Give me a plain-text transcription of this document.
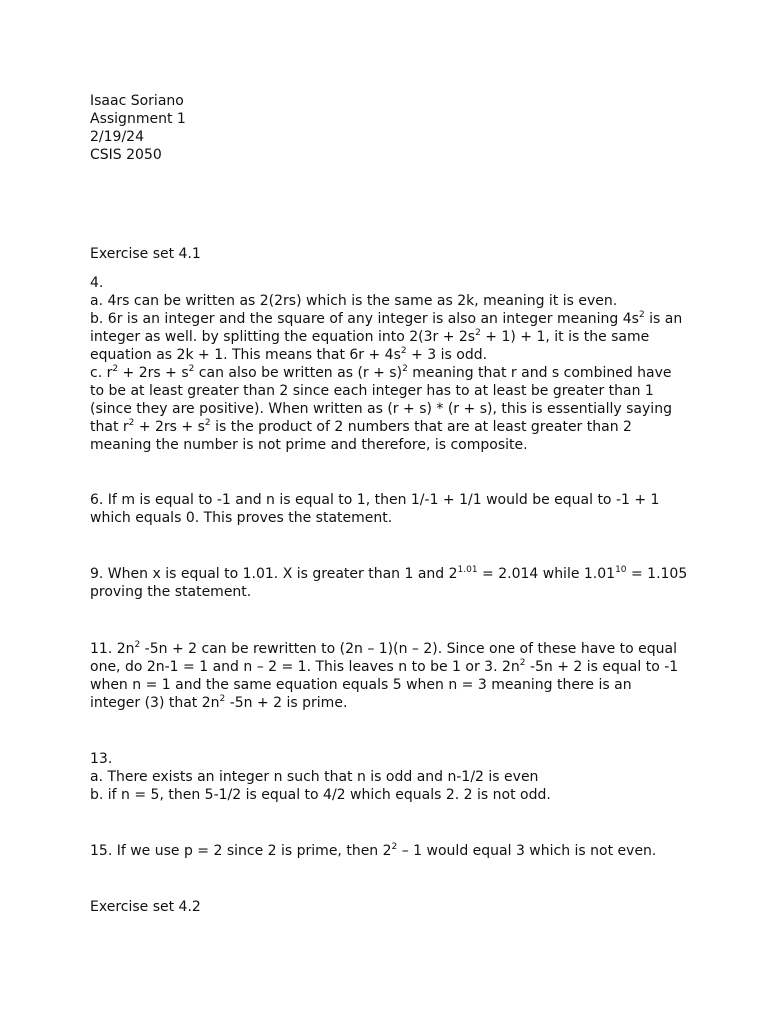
Isaac Soriano
Assignment 1
2/19/24
CSIS 2050
Exercise set 4.1
4.
a. 4rs can be written as 2(2rs) which is the same as 2k, meaning it is even.
b. 6r is an integer and the square of any integer is also an integer meaning $4s^2$ is an
integer as well. by splitting the equation into $2(3r + 2s^2 + 1) + 1$, it is the same
equation as 2k + 1. This means that $6r + 4s^2 + 3$ is odd.
c. $r^2 + 2rs + s^2$ can also be written as $(r + s)^2$ meaning that r and s combined have
to be at least greater than 2 since each integer has to at least be greater than 1
(since they are positive). When written as (r + s) * (r + s), this is essentially saying
that $r^2 + 2rs + s^2$ is the product of 2 numbers that are at least greater than 2
meaning the number is not prime and therefore, is composite.
6. If m is equal to -1 and n is equal to 1, then 1/-1 + 1/1 would be equal to -1 + 1
which equals 0. This proves the statement.
9. When x is equal to 1.01. X is greater than 1 and $2^{1.01} = 2.014$ while $1.01^{10} = 1.105$
proving the statement.
11. $2n^2$ -5n + 2 can be rewritten to (2n – 1)(n – 2). Since one of these have to equal
one, do 2n-1 = 1 and n – 2 = 1. This leaves n to be 1 or 3. $2n^2$ -5n + 2 is equal to -1
when n = 1 and the same equation equals 5 when n = 3 meaning there is an
integer (3) that $2n^2$ -5n + 2 is prime.
13.
a. There exists an integer n such that n is odd and n-1/2 is even
b. if n = 5, then 5-1/2 is equal to 4/2 which equals 2. 2 is not odd.
15. If we use p = 2 since 2 is prime, then $2^2 - 1$ would equal 3 which is not even.
Exercise set 4.2
